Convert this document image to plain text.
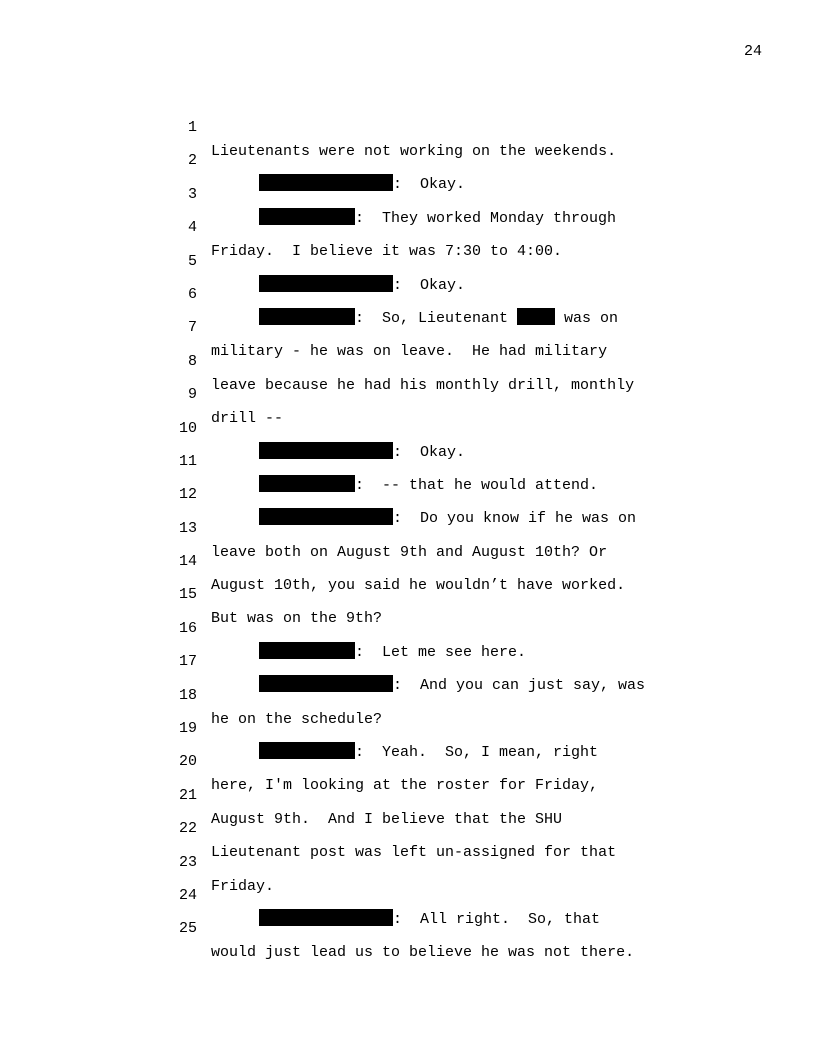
24

1

Lieutenants were not working on the weekends.

2

:  Okay.

3

:  They worked Monday through

4

Friday.  I believe it was 7:30 to 4:00.

5

:  Okay.

6

:  So, Lieutenant	was on

7

military - he was on leave.  He had military

8

leave because he had his monthly drill, monthly

9

drill --

10

:  Okay.

11

:  -- that he would attend.

12

:  Do you know if he was on

13

leave both on August 9th and August 10th? Or

14

August 10th, you said he wouldn’t have worked.

15

But was on the 9th?

16

:  Let me see here.

17

:  And you can just say, was

18

he on the schedule?

19

:  Yeah.  So, I mean, right

20

here, I'm looking at the roster for Friday,

21

August 9th.  And I believe that the SHU

22

Lieutenant post was left un-assigned for that

23

Friday.

24

:  All right.  So, that

25

would just lead us to believe he was not there.
